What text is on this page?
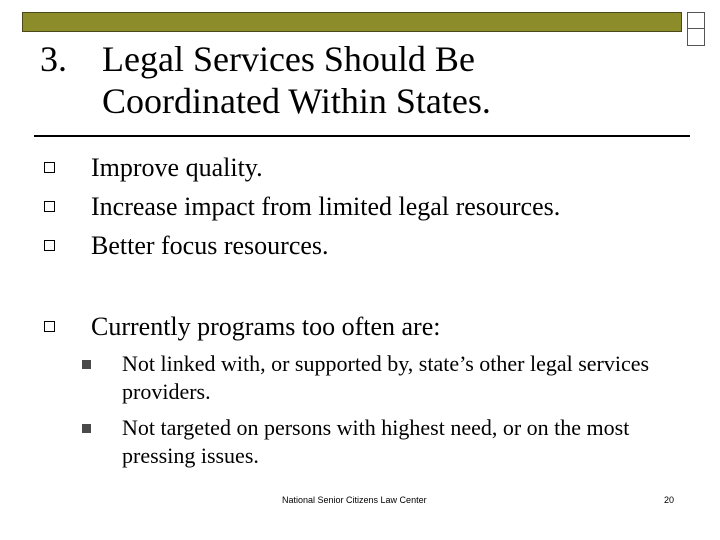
3. Legal Services Should Be
Coordinated Within States.
Improve quality.
Increase impact from limited legal resources.
Better focus resources.
Currently programs too often are:
Not linked with, or supported by, state’s other legal services providers.
Not targeted on persons with highest need, or on the most pressing issues.
National Senior Citizens Law Center	20
